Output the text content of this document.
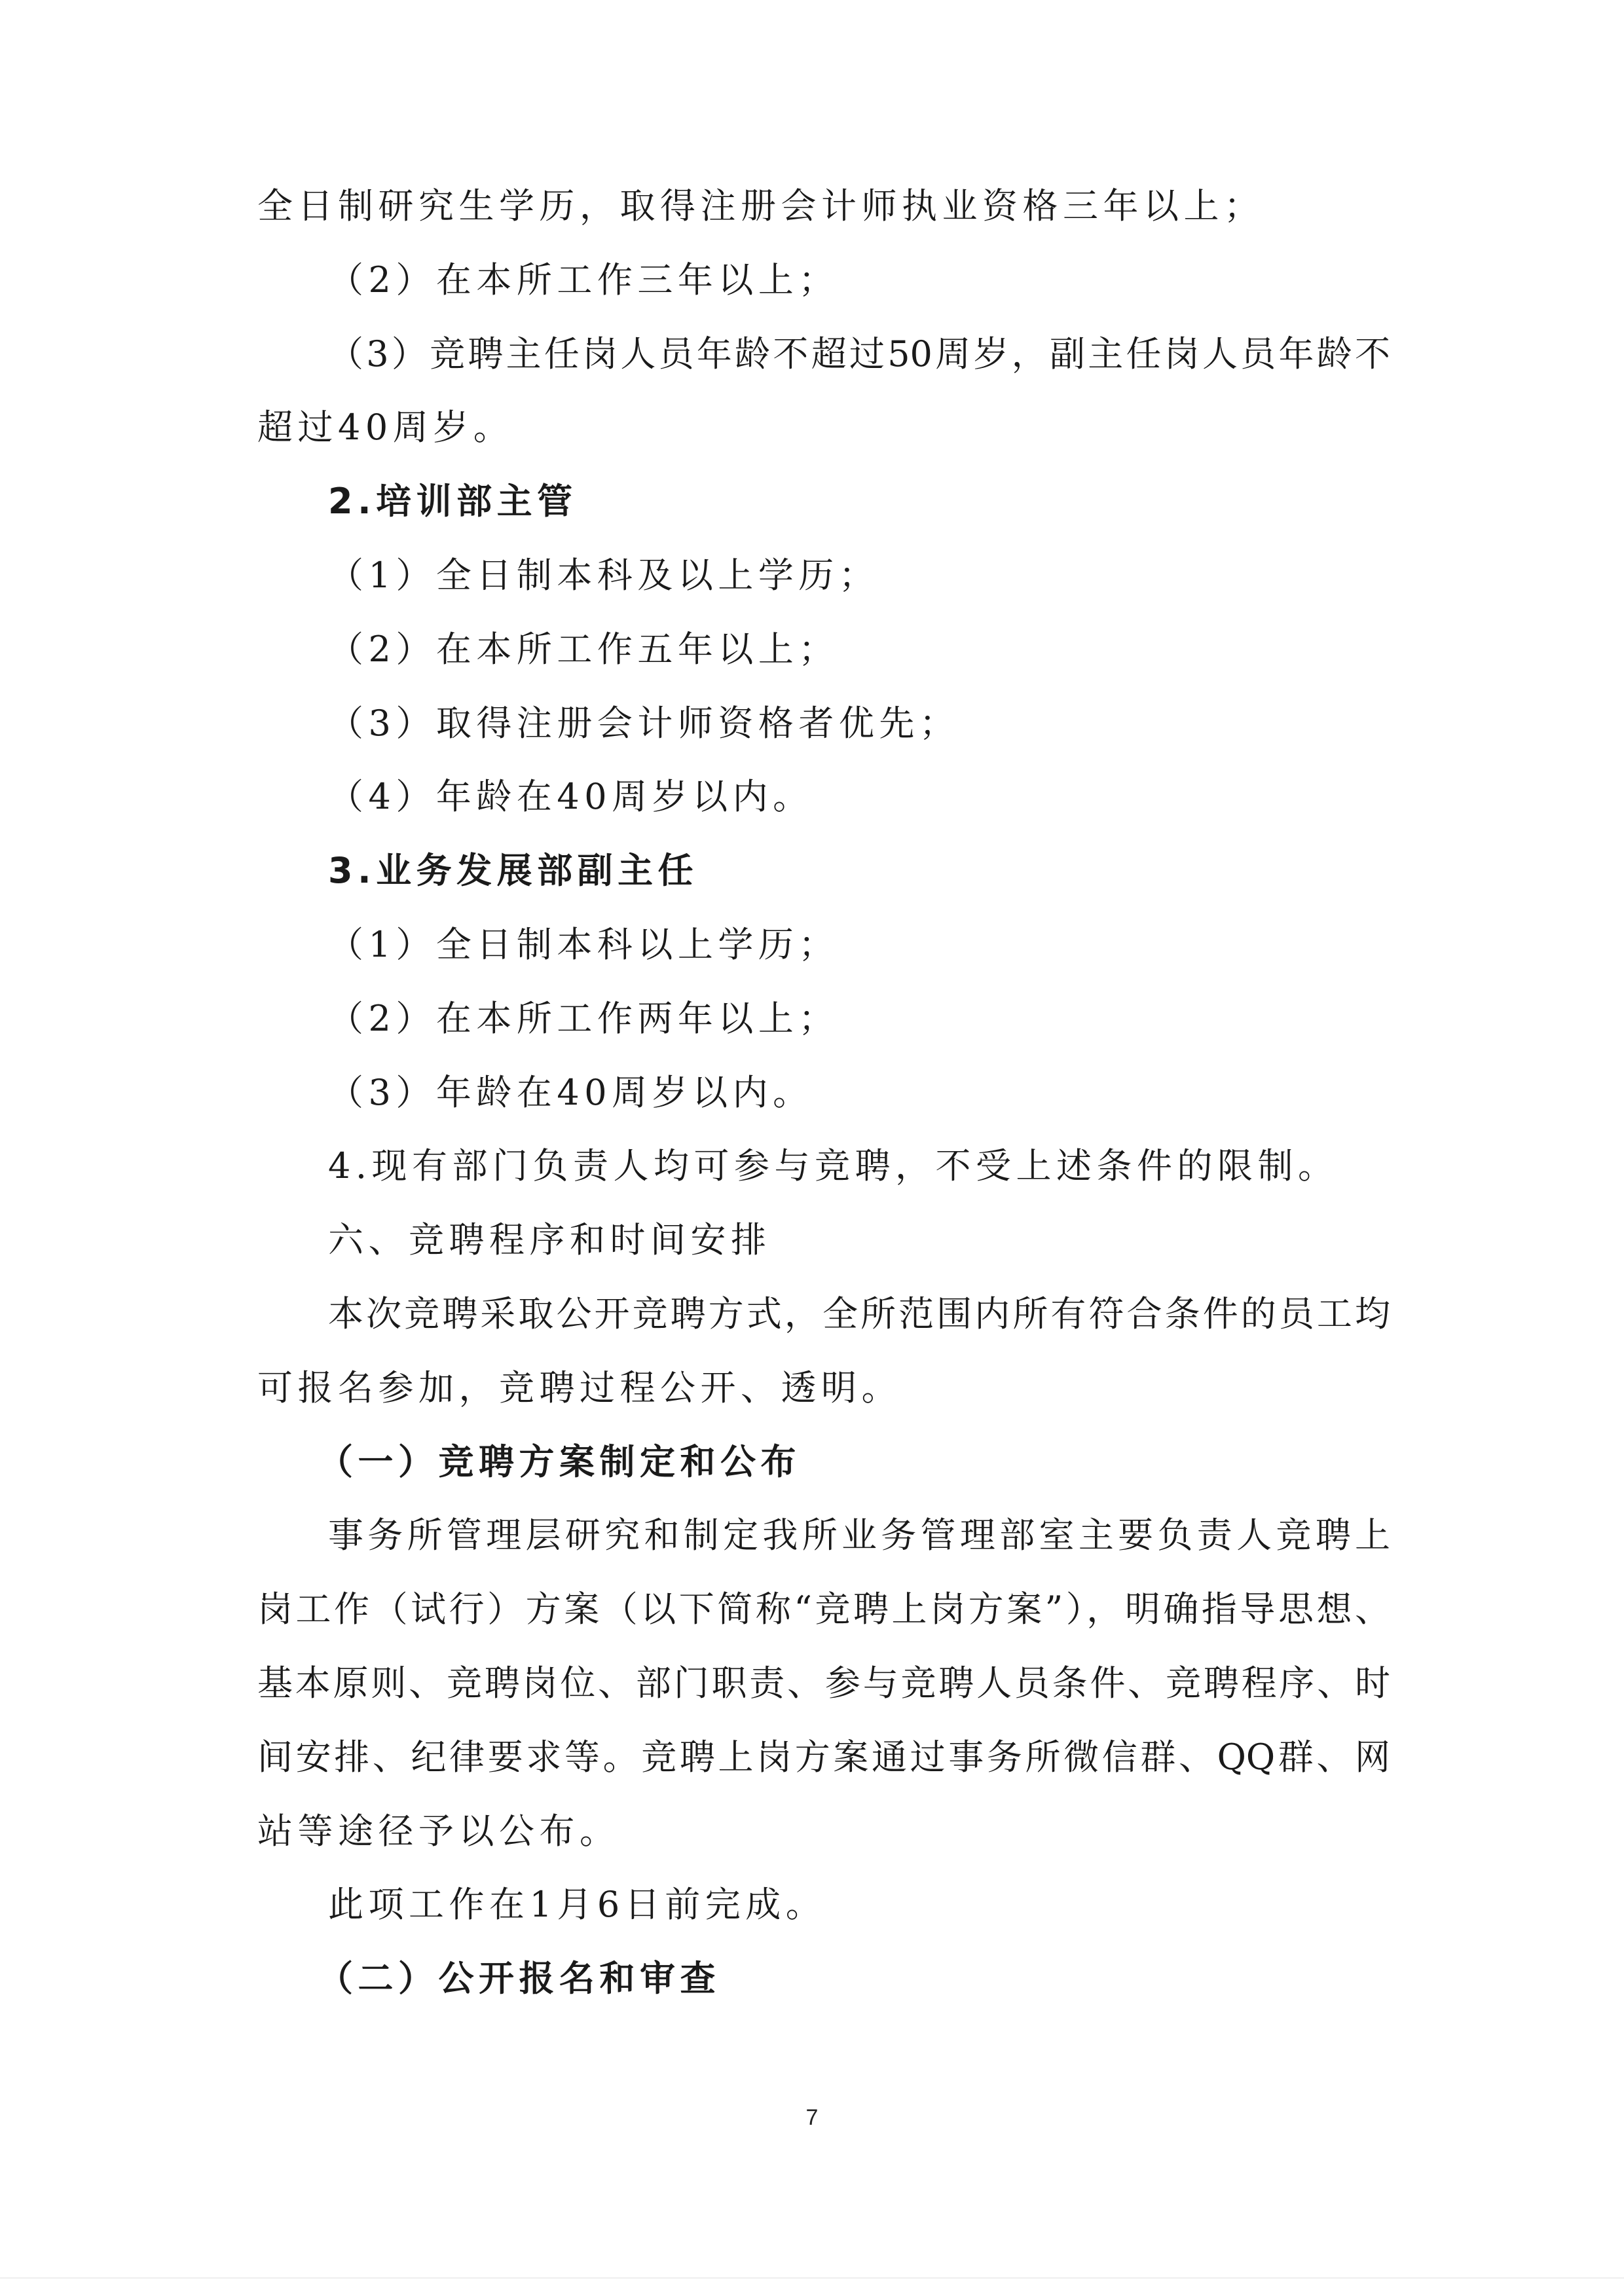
全日制研究生学历，取得注册会计师执业资格三年以上；
（2）在本所工作三年以上；
（3）竞聘主任岗人员年龄不超过50周岁，副主任岗人员年龄不
超过40周岁。
2.培训部主管
（1）全日制本科及以上学历；
（2）在本所工作五年以上；
（3）取得注册会计师资格者优先；
（4）年龄在40周岁以内。
3.业务发展部副主任
（1）全日制本科以上学历；
（2）在本所工作两年以上；
（3）年龄在40周岁以内。
4.现有部门负责人均可参与竞聘，不受上述条件的限制。
六、竞聘程序和时间安排
本次竞聘采取公开竞聘方式，全所范围内所有符合条件的员工均
可报名参加，竞聘过程公开、透明。
（一）竞聘方案制定和公布
事务所管理层研究和制定我所业务管理部室主要负责人竞聘上
岗工作（试行）方案（以下简称“竞聘上岗方案”），明确指导思想、
基本原则、竞聘岗位、部门职责、参与竞聘人员条件、竞聘程序、时
间安排、纪律要求等。竞聘上岗方案通过事务所微信群、QQ群、网
站等途径予以公布。
此项工作在1月6日前完成。
（二）公开报名和审查
7
